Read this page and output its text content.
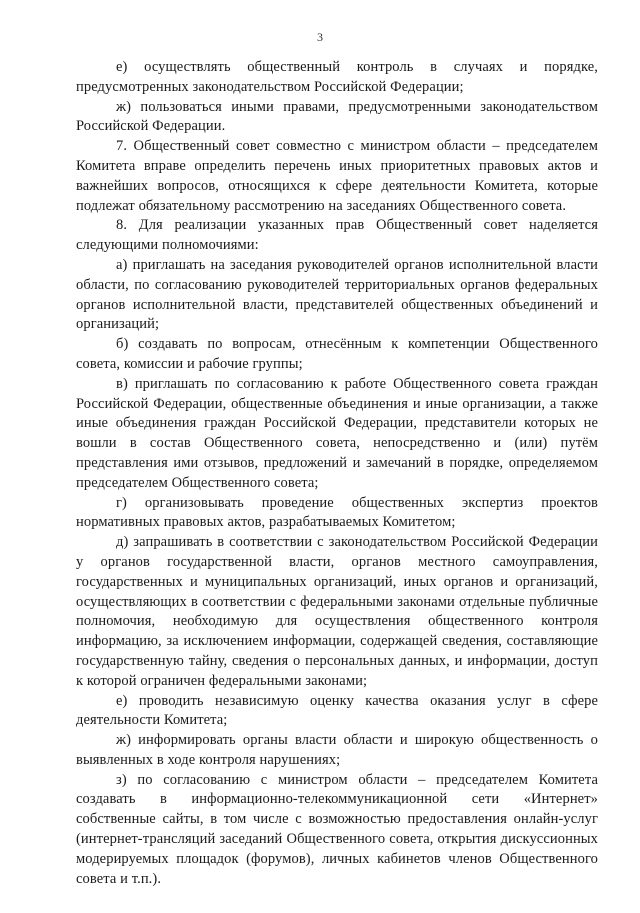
3

е) осуществлять общественный контроль в случаях и порядке, предусмотренных законодательством Российской Федерации;

ж) пользоваться иными правами, предусмотренными законодательством Российской Федерации.

7. Общественный совет совместно с министром области – председателем Комитета вправе определить перечень иных приоритетных правовых актов и важнейших вопросов, относящихся к сфере деятельности Комитета, которые подлежат обязательному рассмотрению на заседаниях Общественного совета.

8. Для реализации указанных прав Общественный совет наделяется следующими полномочиями:

а) приглашать на заседания руководителей органов исполнительной власти области, по согласованию руководителей территориальных органов федеральных органов исполнительной власти, представителей общественных объединений и организаций;

б) создавать по вопросам, отнесённым к компетенции Общественного совета, комиссии и рабочие группы;

в) приглашать по согласованию к работе Общественного совета граждан Российской Федерации, общественные объединения и иные организации, а также иные объединения граждан Российской Федерации, представители которых не вошли в состав Общественного совета, непосредственно и (или) путём представления ими отзывов, предложений и замечаний в порядке, определяемом председателем Общественного совета;

г) организовывать проведение общественных экспертиз проектов нормативных правовых актов, разрабатываемых Комитетом;

д) запрашивать в соответствии с законодательством Российской Федерации у органов государственной власти, органов местного самоуправления, государственных и муниципальных организаций, иных органов и организаций, осуществляющих в соответствии с федеральными законами отдельные публичные полномочия, необходимую для осуществления общественного контроля информацию, за исключением информации, содержащей сведения, составляющие государственную тайну, сведения о персональных данных, и информации, доступ к которой ограничен федеральными законами;

е) проводить независимую оценку качества оказания услуг в сфере деятельности Комитета;

ж) информировать органы власти области и широкую общественность о выявленных в ходе контроля нарушениях;

з) по согласованию с министром области – председателем Комитета создавать в информационно-телекоммуникационной сети «Интернет» собственные сайты, в том числе с возможностью предоставления онлайн-услуг (интернет-трансляций заседаний Общественного совета, открытия дискуссионных модерируемых площадок (форумов), личных кабинетов членов Общественного совета и т.п.).
